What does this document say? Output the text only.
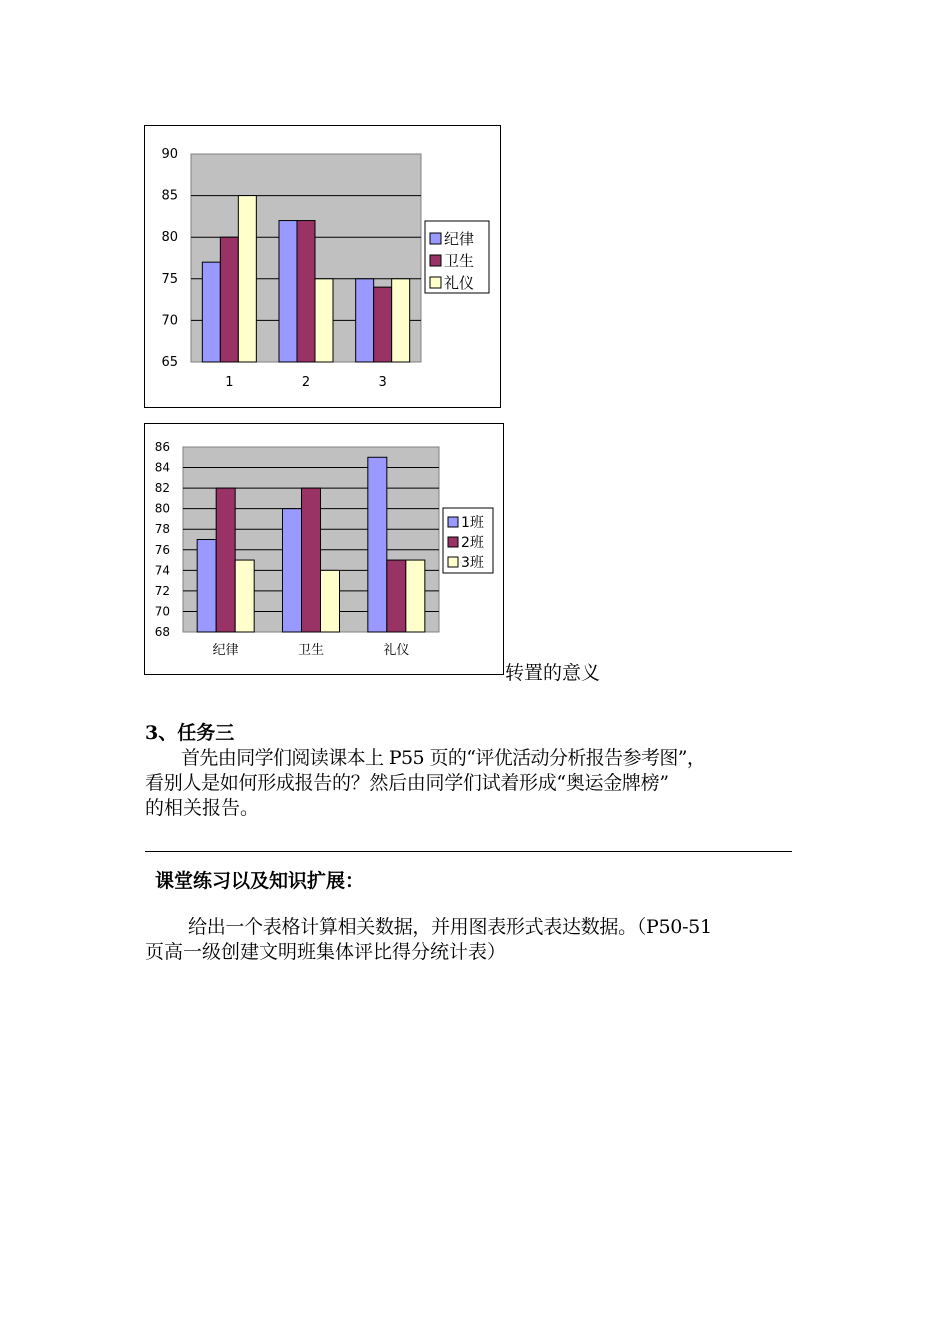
90
85
80
75
70
65
1	2	3
纪律
卫生
礼仪
86
84
82
80
78
76
74
72
70
68
纪律	卫生	礼仪
1班
2班
3班
转置的意义
3、任务三
首先由同学们阅读课本上 P55 页的“评优活动分析报告参考图”，
看别人是如何形成报告的？然后由同学们试着形成“奥运金牌榜”
的相关报告。
课堂练习以及知识扩展：
给出一个表格计算相关数据，并用图表形式表达数据。（P50-51
页高一级创建文明班集体评比得分统计表）
